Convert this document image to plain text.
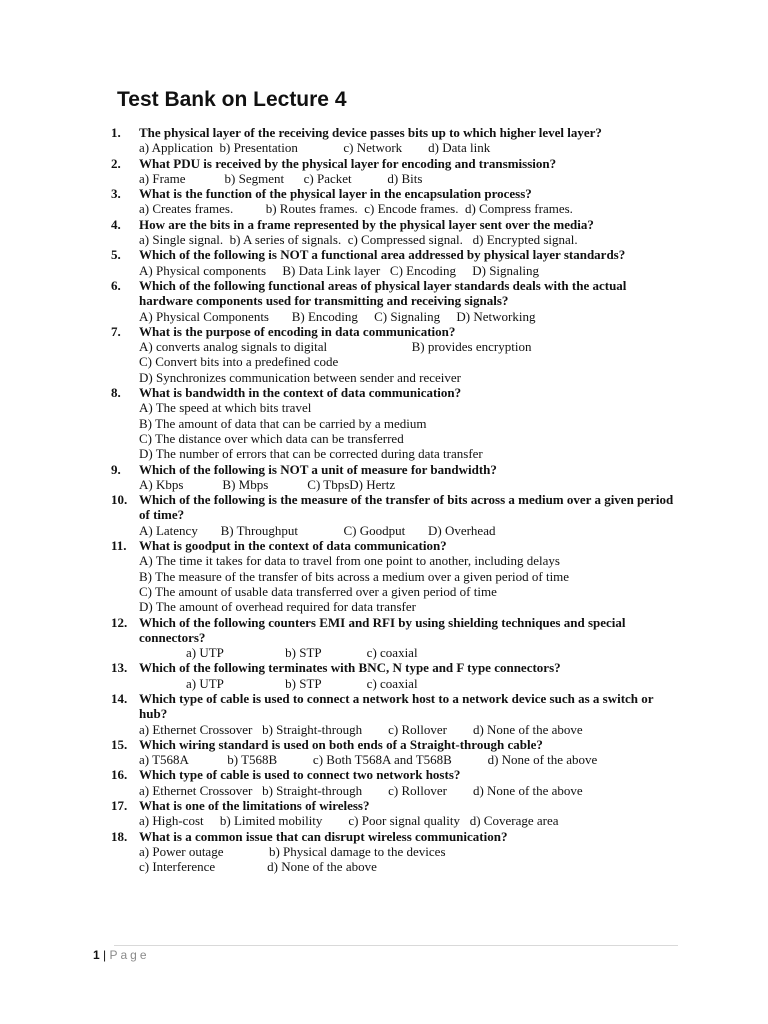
Test Bank on Lecture 4
1.	The physical layer of the receiving device passes bits up to which higher level layer?
a) Application  b) Presentation              c) Network        d) Data link
2.	What PDU is received by the physical layer for encoding and transmission?
a) Frame            b) Segment      c) Packet           d) Bits
3.	What is the function of the physical layer in the encapsulation process?
a) Creates frames.          b) Routes frames.  c) Encode frames.  d) Compress frames.
4.	How are the bits in a frame represented by the physical layer sent over the media?
a) Single signal.  b) A series of signals.  c) Compressed signal.   d) Encrypted signal.
5.	Which of the following is NOT a functional area addressed by physical layer standards?
A) Physical components     B) Data Link layer   C) Encoding     D) Signaling
6.	Which of the following functional areas of physical layer standards deals with the actual hardware components used for transmitting and receiving signals?
A) Physical Components       B) Encoding     C) Signaling     D) Networking
7.	What is the purpose of encoding in data communication?
A) converts analog signals to digital                          B) provides encryption
C) Convert bits into a predefined code
D) Synchronizes communication between sender and receiver
8.	What is bandwidth in the context of data communication?
A) The speed at which bits travel
B) The amount of data that can be carried by a medium
C) The distance over which data can be transferred
D) The number of errors that can be corrected during data transfer
9.	Which of the following is NOT a unit of measure for bandwidth?
A) Kbps            B) Mbps            C) TbpsD) Hertz
10. Which of the following is the measure of the transfer of bits across a medium over a given period of time?
A) Latency       B) Throughput              C) Goodput       D) Overhead
11. What is goodput in the context of data communication?
A) The time it takes for data to travel from one point to another, including delays
B) The measure of the transfer of bits across a medium over a given period of time
C) The amount of usable data transferred over a given period of time
D) The amount of overhead required for data transfer
12. Which of the following counters EMI and RFI by using shielding techniques and special connectors?
a) UTP                   b) STP              c) coaxial
13. Which of the following terminates with BNC, N type and F type connectors?
a) UTP                   b) STP              c) coaxial
14. Which type of cable is used to connect a network host to a network device such as a switch or hub?
a) Ethernet Crossover   b) Straight-through        c) Rollover        d) None of the above
15. Which wiring standard is used on both ends of a Straight-through cable?
a) T568A            b) T568B           c) Both T568A and T568B           d) None of the above
16. Which type of cable is used to connect two network hosts?
a) Ethernet Crossover   b) Straight-through        c) Rollover        d) None of the above
17. What is one of the limitations of wireless?
a) High-cost     b) Limited mobility        c) Poor signal quality   d) Coverage area
18. What is a common issue that can disrupt wireless communication?
a) Power outage              b) Physical damage to the devices
c) Interference                d) None of the above
1 | Page
